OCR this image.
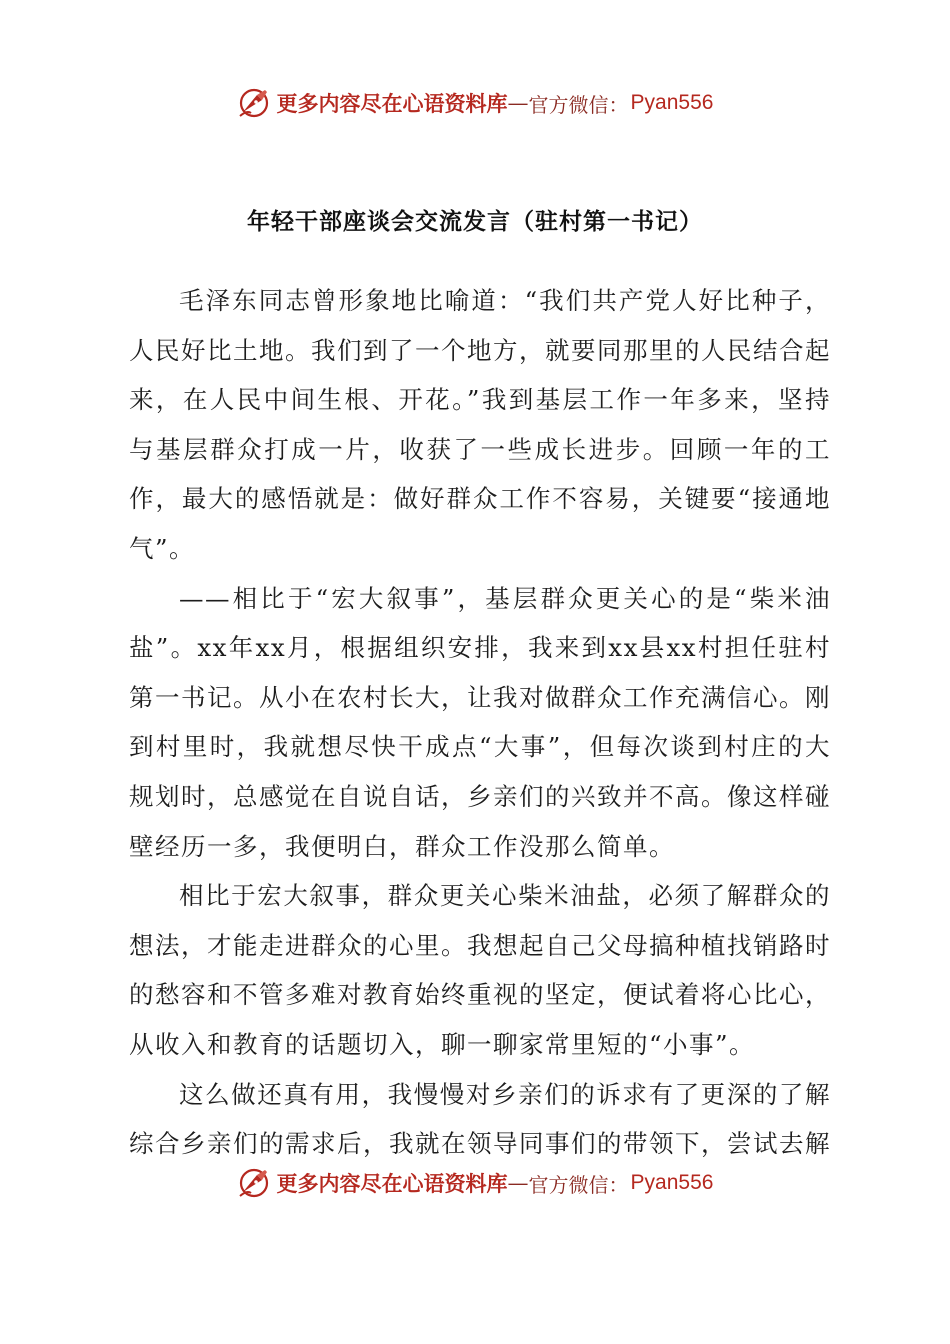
更多内容尽在心语资料库 — 官方微信： Pyan556
年轻干部座谈会交流发言（驻村第一书记）

毛泽东同志曾形象地比喻道：“我们共产党人好比种子，人民好比土地。我们到了一个地方，就要同那里的人民结合起来，在人民中间生根、开花。”我到基层工作一年多来，坚持与基层群众打成一片，收获了一些成长进步。回顾一年的工作，最大的感悟就是：做好群众工作不容易，关键要“接通地气”。

——相比于“宏大叙事”，基层群众更关心的是“柴米油盐”。xx年xx月，根据组织安排，我来到xx县xx村担任驻村第一书记。从小在农村长大，让我对做群众工作充满信心。刚到村里时，我就想尽快干成点“大事”，但每次谈到村庄的大规划时，总感觉在自说自话，乡亲们的兴致并不高。像这样碰壁经历一多，我便明白，群众工作没那么简单。

相比于宏大叙事，群众更关心柴米油盐，必须了解群众的想法，才能走进群众的心里。我想起自己父母搞种植找销路时的愁容和不管多难对教育始终重视的坚定，便试着将心比心，从收入和教育的话题切入，聊一聊家常里短的“小事”。

这么做还真有用，我慢慢对乡亲们的诉求有了更深的了解综合乡亲们的需求后，我就在领导同事们的带领下，尝试去解

更多内容尽在心语资料库 — 官方微信： Pyan556
